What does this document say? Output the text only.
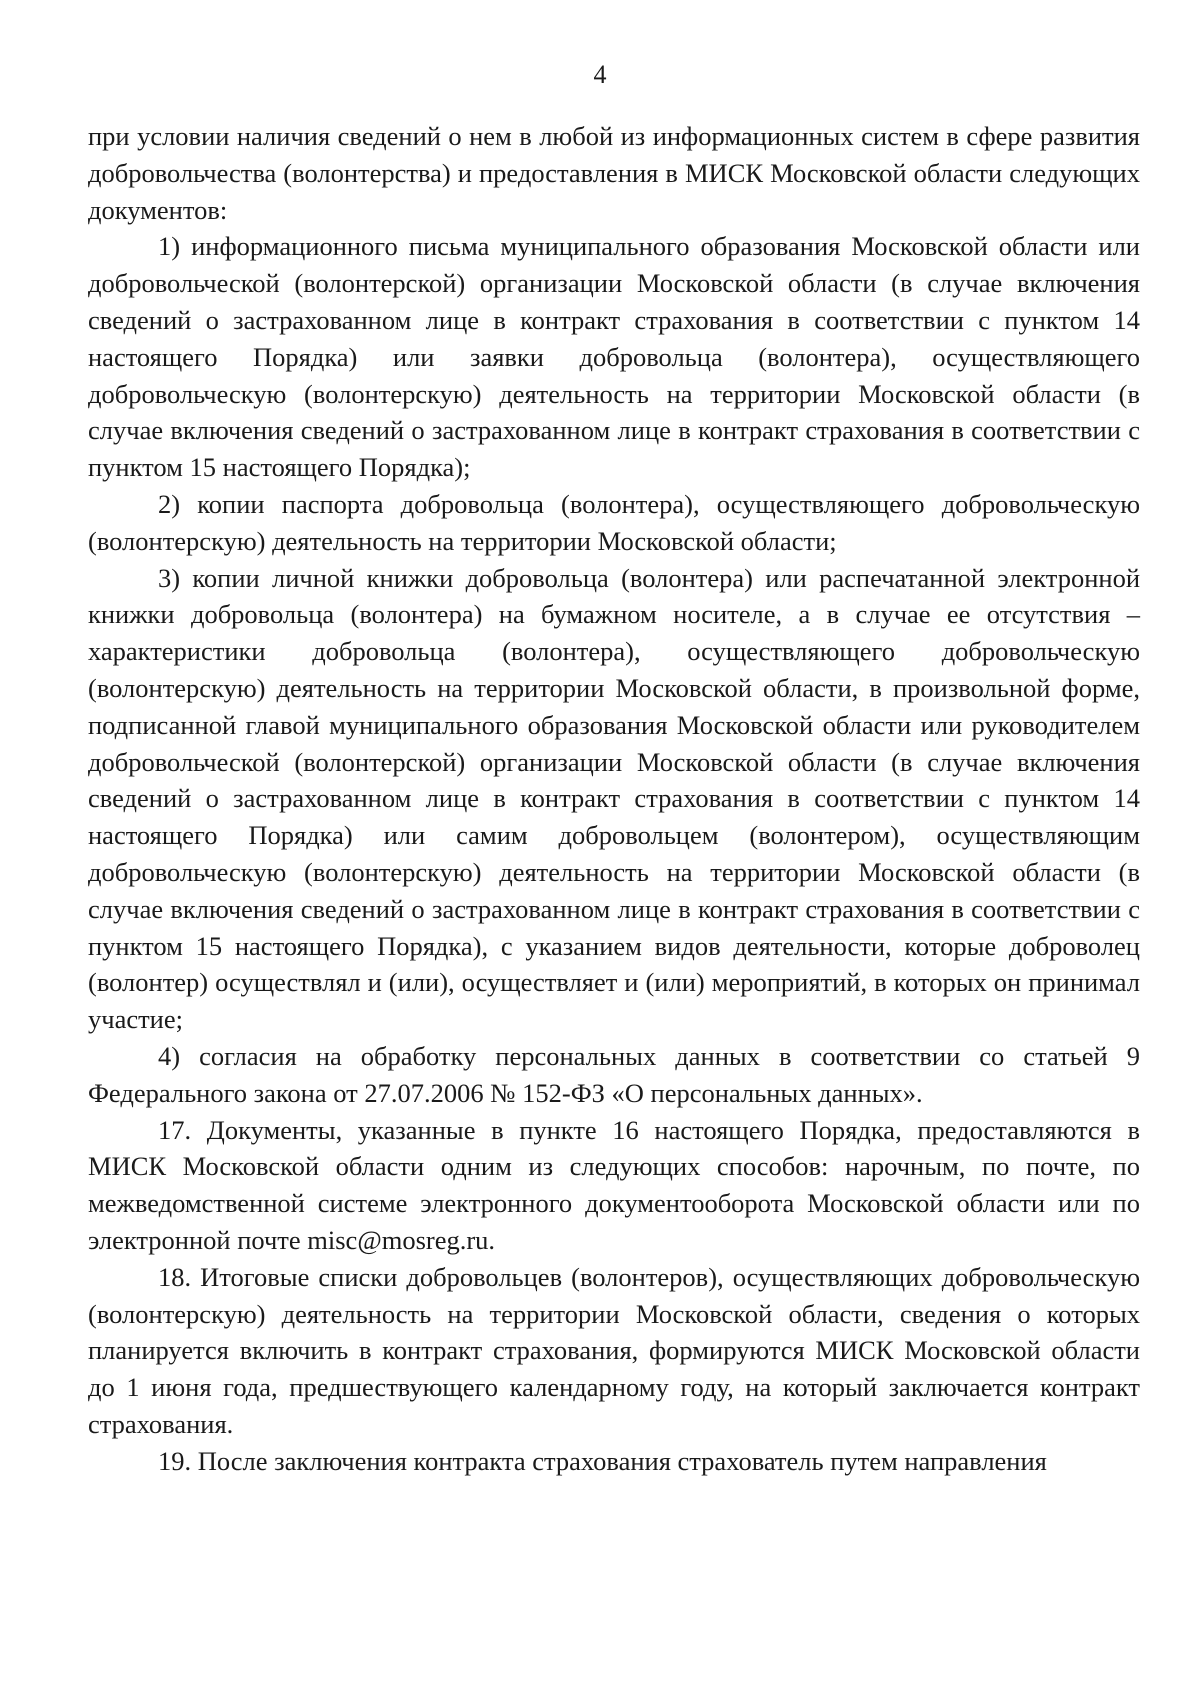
4

при условии наличия сведений о нем в любой из информационных систем в сфере развития добровольчества (волонтерства) и предоставления в МИСК Московской области следующих документов:

1) информационного письма муниципального образования Московской области или добровольческой (волонтерской) организации Московской области (в случае включения сведений о застрахованном лице в контракт страхования в соответствии с пунктом 14 настоящего Порядка) или заявки добровольца (волонтера), осуществляющего добровольческую (волонтерскую) деятельность на территории Московской области (в случае включения сведений о застрахованном лице в контракт страхования в соответствии с пунктом 15 настоящего Порядка);

2) копии паспорта добровольца (волонтера), осуществляющего добровольческую (волонтерскую) деятельность на территории Московской области;

3) копии личной книжки добровольца (волонтера) или распечатанной электронной книжки добровольца (волонтера) на бумажном носителе, а в случае ее отсутствия – характеристики добровольца (волонтера), осуществляющего добровольческую (волонтерскую) деятельность на территории Московской области, в произвольной форме, подписанной главой муниципального образования Московской области или руководителем добровольческой (волонтерской) организации Московской области (в случае включения сведений о застрахованном лице в контракт страхования в соответствии с пунктом 14 настоящего Порядка) или самим добровольцем (волонтером), осуществляющим добровольческую (волонтерскую) деятельность на территории Московской области (в случае включения сведений о застрахованном лице в контракт страхования в соответствии с пунктом 15 настоящего Порядка), с указанием видов деятельности, которые доброволец (волонтер) осуществлял и (или), осуществляет и (или) мероприятий, в которых он принимал участие;

4) согласия на обработку персональных данных в соответствии со статьей 9 Федерального закона от 27.07.2006 № 152-ФЗ «О персональных данных».

17. Документы, указанные в пункте 16 настоящего Порядка, предоставляются в МИСК Московской области одним из следующих способов: нарочным, по почте, по межведомственной системе электронного документооборота Московской области или по электронной почте misc@mosreg.ru.

18. Итоговые списки добровольцев (волонтеров), осуществляющих добровольческую (волонтерскую) деятельность на территории Московской области, сведения о которых планируется включить в контракт страхования, формируются МИСК Московской области до 1 июня года, предшествующего календарному году, на который заключается контракт страхования.

19. После заключения контракта страхования страхователь путем направления
